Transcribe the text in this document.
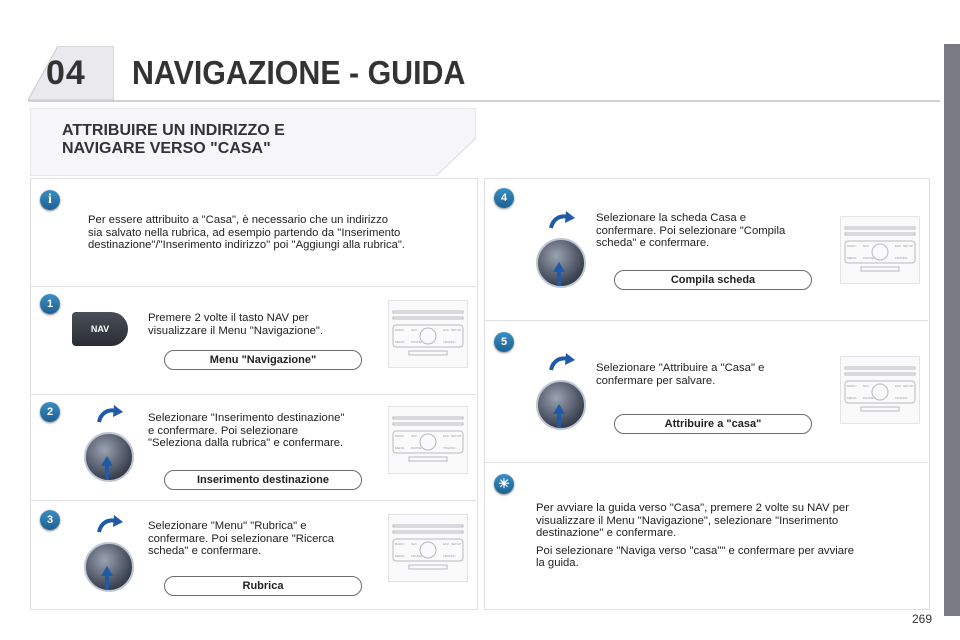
04 NAVIGAZIONE - GUIDA
ATTRIBUIRE UN INDIRIZZO E
NAVIGARE VERSO "CASA"
i
Per essere attribuito a "Casa", è necessario che un indirizzo
sia salvato nella rubrica, ad esempio partendo da "Inserimento
destinazione"/"Inserimento indirizzo" poi "Aggiungi alla rubrica".
1
NAV
Premere 2 volte il tasto NAV per
visualizzare il Menu "Navigazione".
Menu "Navigazione"
RADIO
MEDIA
NAV	ESC
TRAFFIC
SETUP
PHONE
2	Selezionare "Inserimento destinazione"
e confermare. Poi selezionare
"Seleziona dalla rubrica" e confermare.
Inserimento destinazione
RADIO
MEDIA
NAV	ESC
TRAFFIC
SETUP
PHONE
3	Selezionare "Menu" "Rubrica" e
confermare. Poi selezionare "Ricerca
scheda" e confermare.
Rubrica
RADIO
MEDIA
NAV	ESC
TRAFFIC
SETUP
PHONE
4
Selezionare la scheda Casa e
confermare. Poi selezionare "Compila
scheda" e confermare.
Compila scheda
RADIO
MEDIA
NAV	ESC
TRAFFIC
SETUP
PHONE
5
Selezionare "Attribuire a "Casa" e
confermare per salvare.
Attribuire a "casa"
RADIO
MEDIA
NAV	ESC
TRAFFIC
SETUP
PHONE
☀
Per avviare la guida verso "Casa", premere 2 volte su NAV per
visualizzare il Menu "Navigazione", selezionare "Inserimento
destinazione" e confermare.
Poi selezionare "Naviga verso "casa"" e confermare per avviare
la guida.
269
